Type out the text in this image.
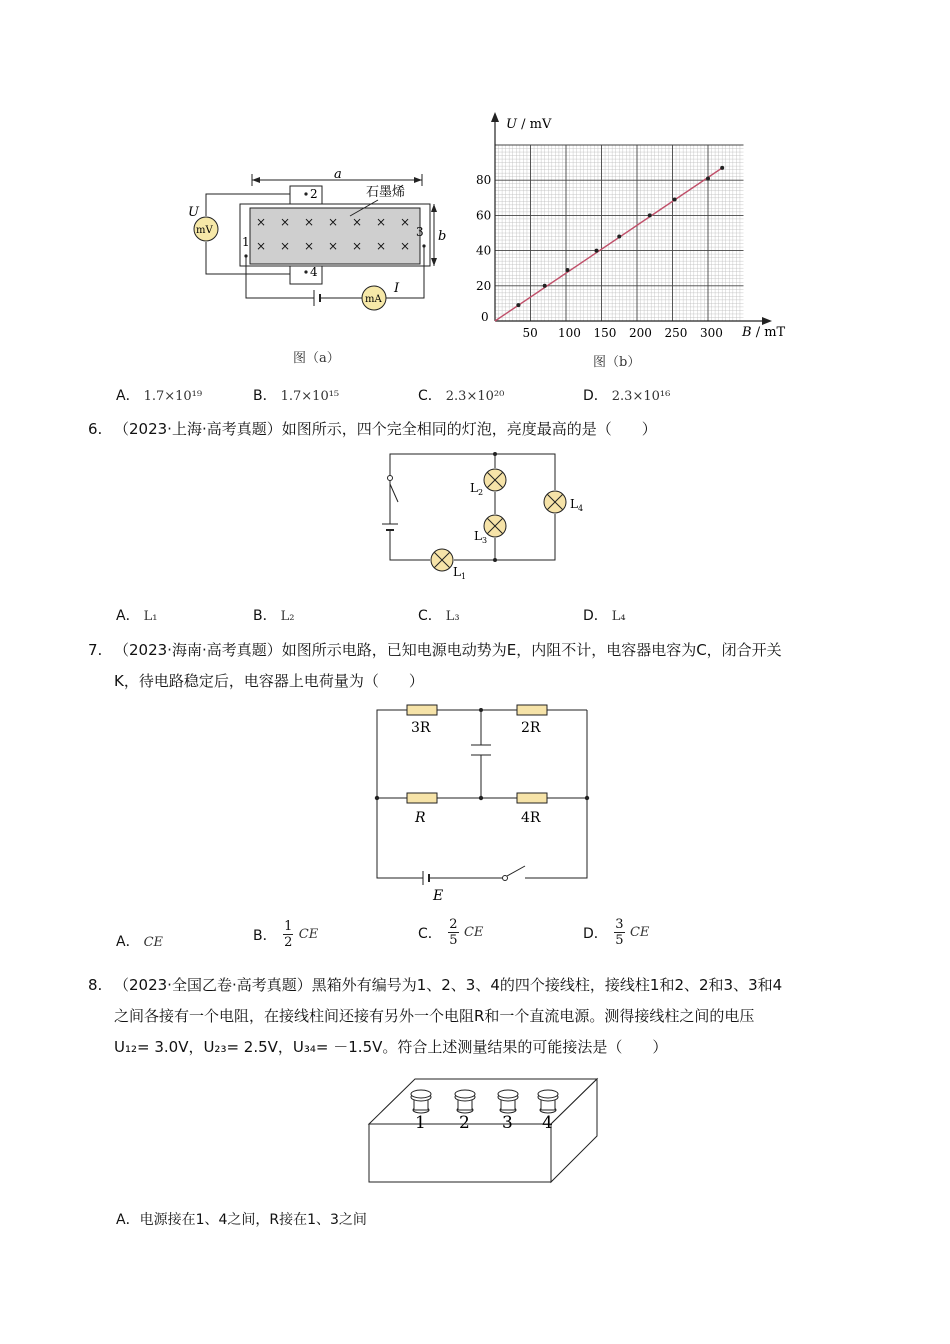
a
× × × × × × ×
× × × × × × ×
石墨烯
2
4
1
3 b
mV
U
mA
I
图（a）
50 100 150 200 250 300
0
20
40
60
80
U / mV
B / mT
图（b）
A． 1.7×10¹⁹	B． 1.7×10¹⁵	C． 2.3×10²⁰	D． 2.3×10¹⁶
6. （2023·上海·高考真题）如图所示，四个完全相同的灯泡，亮度最高的是（　　）
$L_2$
$L_3$
$L_4$
$L_1$
A． L₁	B． L₂	C． L₃	D． L₄
7. （2023·海南·高考真题）如图所示电路，已知电源电动势为E，内阻不计，电容器电容为C，闭合开关
K，待电路稳定后，电容器上电荷量为（　　）
3R	2R
R	4R
E
A． CE	B． $\frac{1}{2}$ CE	C． $\frac{2}{5}$ CE	D． $\frac{3}{5}$ CE
8. （2023·全国乙卷·高考真题）黑箱外有编号为1、2、3、4的四个接线柱，接线柱1和2、2和3、3和4
之间各接有一个电阻，在接线柱间还接有另外一个电阻R和一个直流电源。测得接线柱之间的电压
U₁₂= 3.0V，U₂₃= 2.5V，U₃₄= －1.5V。符合上述测量结果的可能接法是（　　）
1 2 3 4
A．电源接在1、4之间，R接在1、3之间
